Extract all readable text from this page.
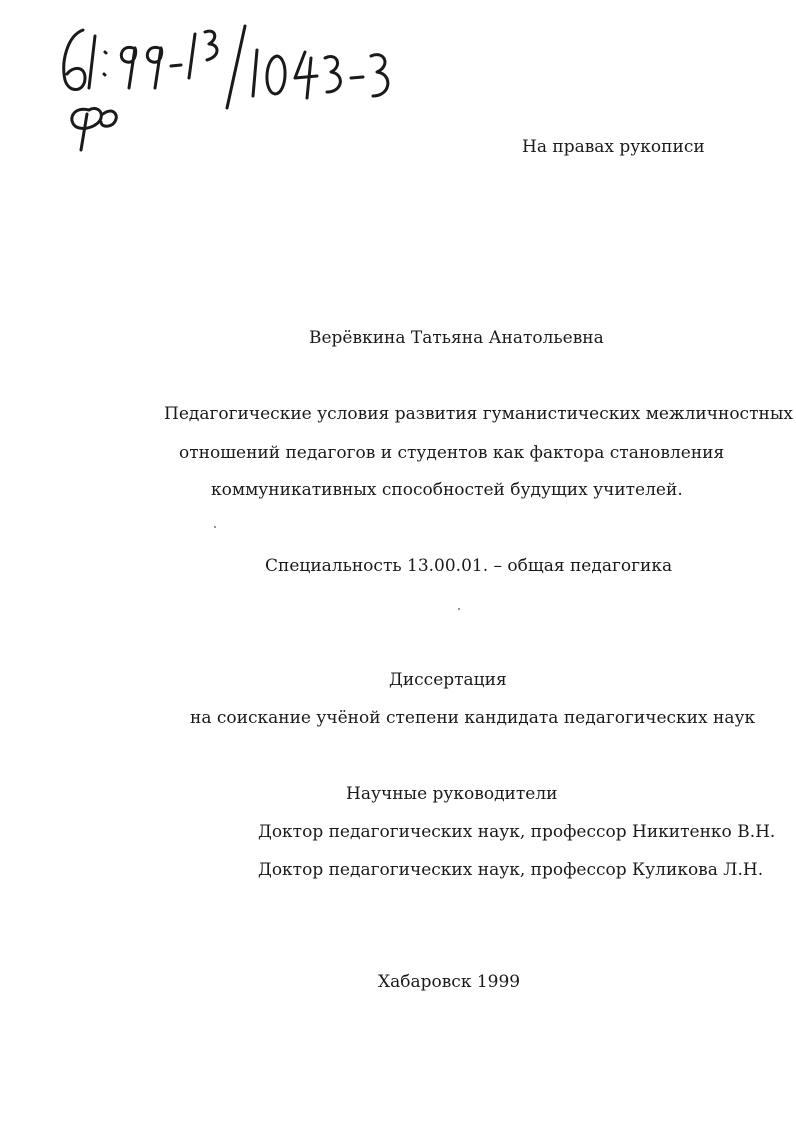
На правах рукописи
Верёвкина Татьяна Анатольевна
Педагогические условия развития гуманистических межличностных
отношений педагогов и студентов как фактора становления
коммуникативных способностей будущих учителей.
Специальность 13.00.01. – общая педагогика
Диссертация
на соискание учёной степени кандидата педагогических наук
Научные руководители
Доктор педагогических наук, профессор Никитенко В.Н.
Доктор педагогических наук, профессор Куликова Л.Н.
Хабаровск 1999
